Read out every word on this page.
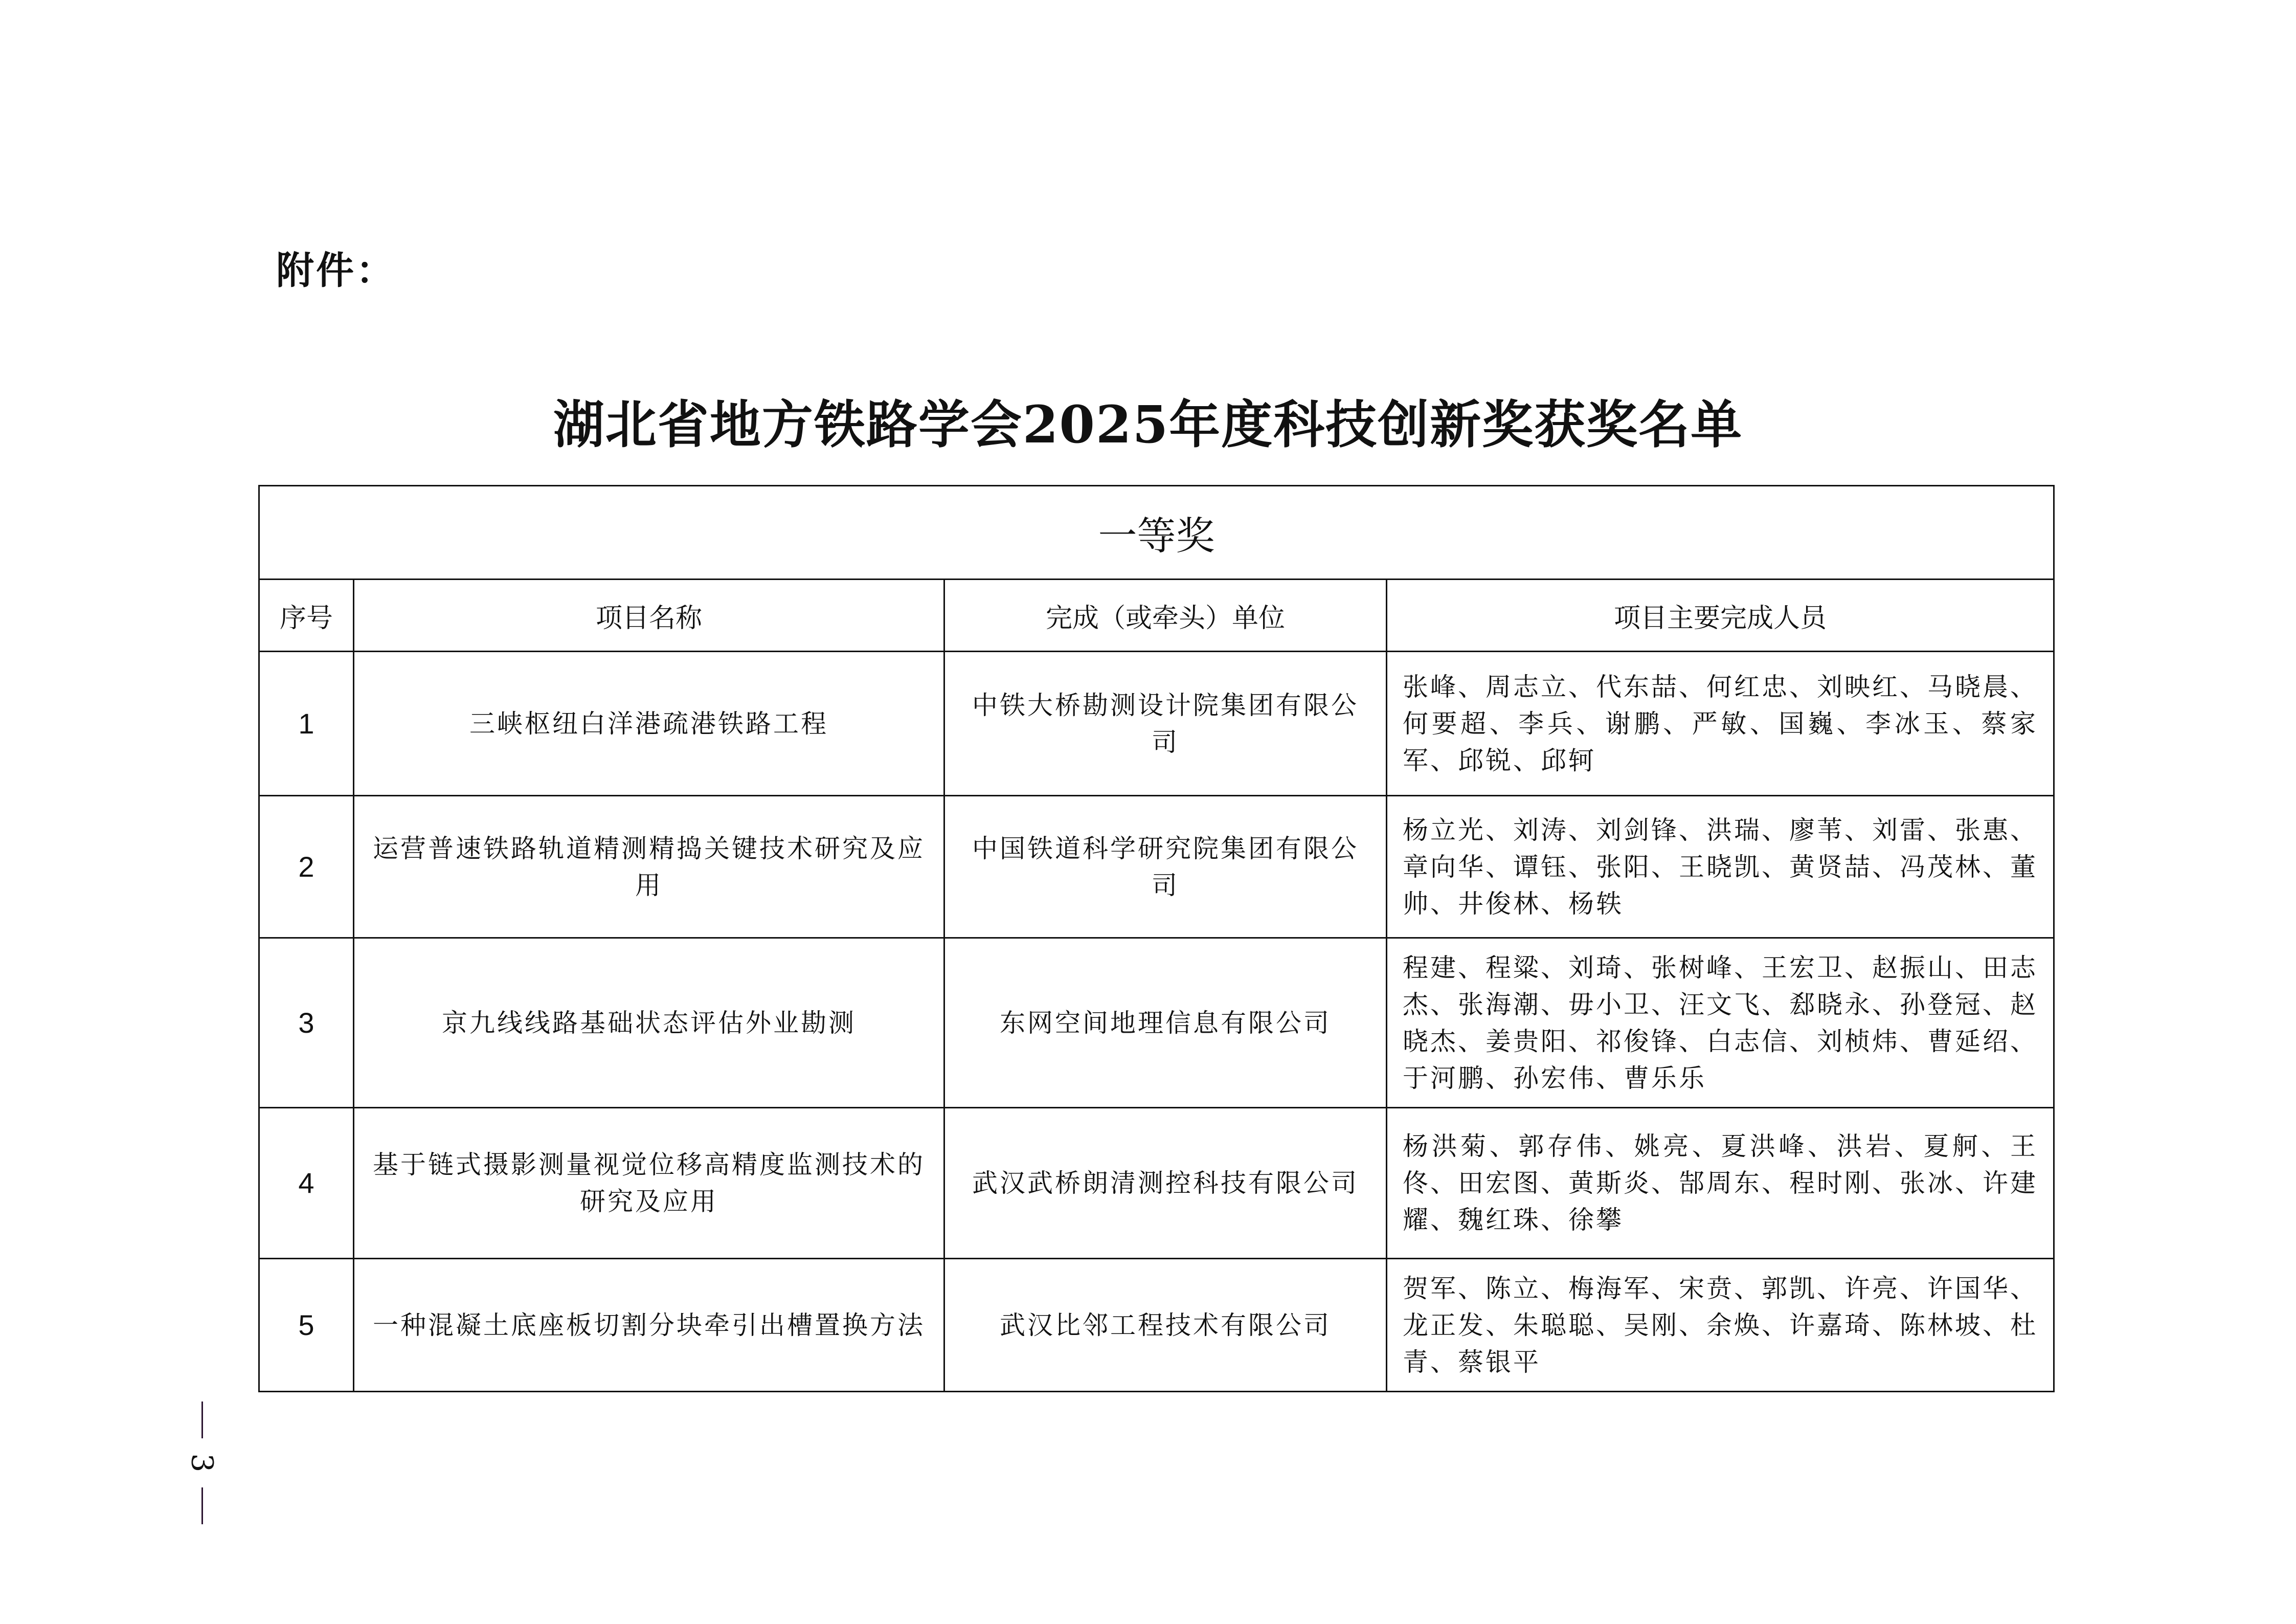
附件：
湖北省地方铁路学会2025年度科技创新奖获奖名单
一等奖			
序号	项目名称	完成（或牵头）单位	项目主要完成人员
1	三峡枢纽白洋港疏港铁路工程	中铁大桥勘测设计院集团有限公司	张峰、周志立、代东喆、何红忠、刘映红、马晓晨、何要超、李兵、谢鹏、严敏、国巍、李冰玉、蔡家军、邱锐、邱轲
2	运营普速铁路轨道精测精捣关键技术研究及应用	中国铁道科学研究院集团有限公司	杨立光、刘涛、刘剑锋、洪瑞、廖苇、刘雷、张惠、章向华、谭钰、张阳、王晓凯、黄贤喆、冯茂林、董帅、井俊林、杨轶
3	京九线线路基础状态评估外业勘测	东网空间地理信息有限公司	程建、程粱、刘琦、张树峰、王宏卫、赵振山、田志杰、张海潮、毋小卫、汪文飞、郄晓永、孙登冠、赵晓杰、姜贵阳、祁俊锋、白志信、刘桢炜、曹延绍、于河鹏、孙宏伟、曹乐乐
4	基于链式摄影测量视觉位移高精度监测技术的研究及应用	武汉武桥朗清测控科技有限公司	杨洪菊、郭存伟、姚亮、夏洪峰、洪岩、夏舸、王佟、田宏图、黄斯炎、郜周东、程时刚、张冰、许建耀、魏红珠、徐攀
5	一种混凝土底座板切割分块牵引出槽置换方法	武汉比邻工程技术有限公司	贺军、陈立、梅海军、宋贲、郭凯、许亮、许国华、龙正发、朱聪聪、吴刚、余焕、许嘉琦、陈林坡、杜青、蔡银平
3
